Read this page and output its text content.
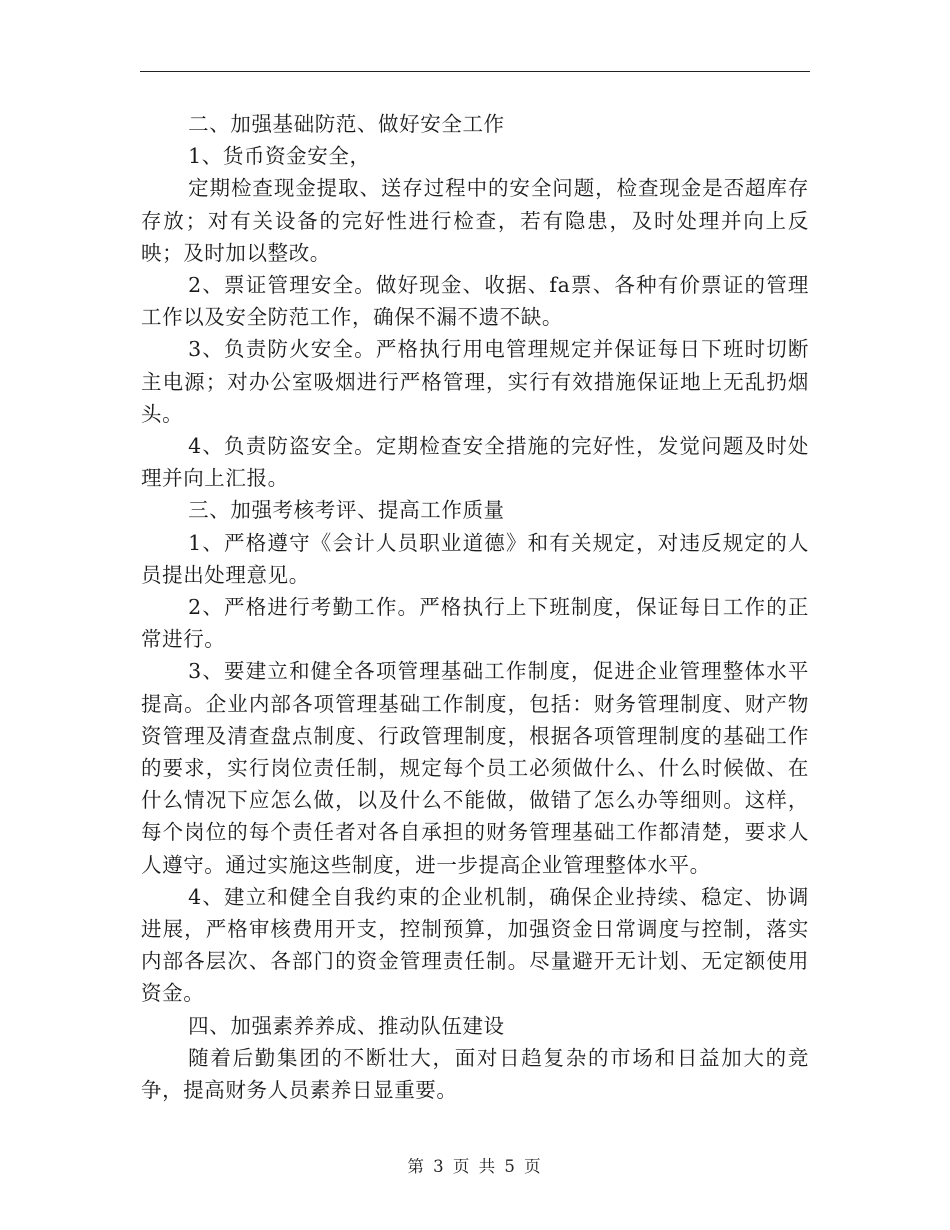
二、加强基础防范、做好安全工作

1、货币资金安全，

定期检查现金提取、送存过程中的安全问题，检查现金是否超库存存放；对有关设备的完好性进行检查，若有隐患，及时处理并向上反映；及时加以整改。

2、票证管理安全。做好现金、收据、fa票、各种有价票证的管理工作以及安全防范工作，确保不漏不遗不缺。

3、负责防火安全。严格执行用电管理规定并保证每日下班时切断主电源；对办公室吸烟进行严格管理，实行有效措施保证地上无乱扔烟头。

4、负责防盗安全。定期检查安全措施的完好性，发觉问题及时处理并向上汇报。

三、加强考核考评、提高工作质量

1、严格遵守《会计人员职业道德》和有关规定，对违反规定的人员提出处理意见。

2、严格进行考勤工作。严格执行上下班制度，保证每日工作的正常进行。

3、要建立和健全各项管理基础工作制度，促进企业管理整体水平提高。企业内部各项管理基础工作制度，包括：财务管理制度、财产物资管理及清查盘点制度、行政管理制度，根据各项管理制度的基础工作的要求，实行岗位责任制，规定每个员工必须做什么、什么时候做、在什么情况下应怎么做，以及什么不能做，做错了怎么办等细则。这样，每个岗位的每个责任者对各自承担的财务管理基础工作都清楚，要求人人遵守。通过实施这些制度，进一步提高企业管理整体水平。

4、建立和健全自我约束的企业机制，确保企业持续、稳定、协调进展，严格审核费用开支，控制预算，加强资金日常调度与控制，落实内部各层次、各部门的资金管理责任制。尽量避开无计划、无定额使用资金。

四、加强素养养成、推动队伍建设

随着后勤集团的不断壮大，面对日趋复杂的市场和日益加大的竞争，提高财务人员素养日显重要。

第 3 页 共 5 页
